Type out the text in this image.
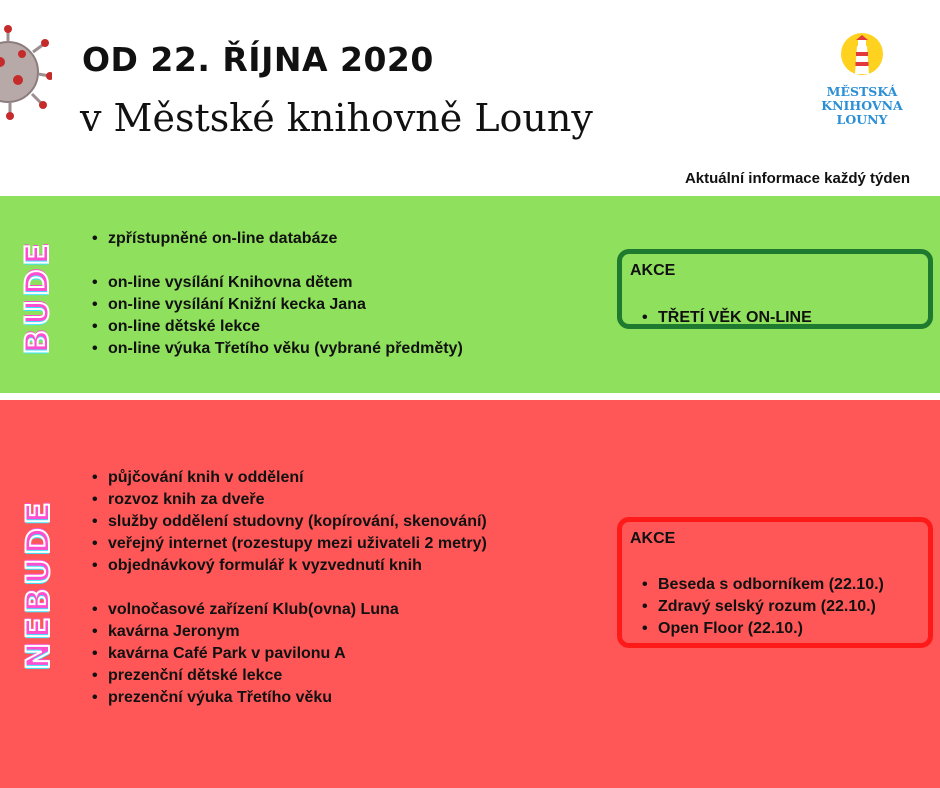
OD 22. ŘÍJNA 2020
v Městské knihovně Louny
MĚSTSKÁ
KNIHOVNA
LOUNY
Aktuální informace každý týden
BUDE
• zpřístupněné on-line databáze
• on-line vysílání Knihovna dětem
• on-line vysílání Knižní kecka Jana
• on-line dětské lekce
• on-line výuka Třetího věku (vybrané předměty)
AKCE
• TŘETÍ VĚK ON-LINE
NEBUDE
• půjčování knih v oddělení
• rozvoz knih za dveře
• služby oddělení studovny (kopírování, skenování)
• veřejný internet (rozestupy mezi uživateli 2 metry)
• objednávkový formulář k vyzvednutí knih
• volnočasové zařízení Klub(ovna) Luna
• kavárna Jeronym
• kavárna Café Park v pavilonu A
• prezenční dětské lekce
• prezenční výuka Třetího věku
AKCE
• Beseda s odborníkem (22.10.)
• Zdravý selský rozum (22.10.)
• Open Floor (22.10.)
